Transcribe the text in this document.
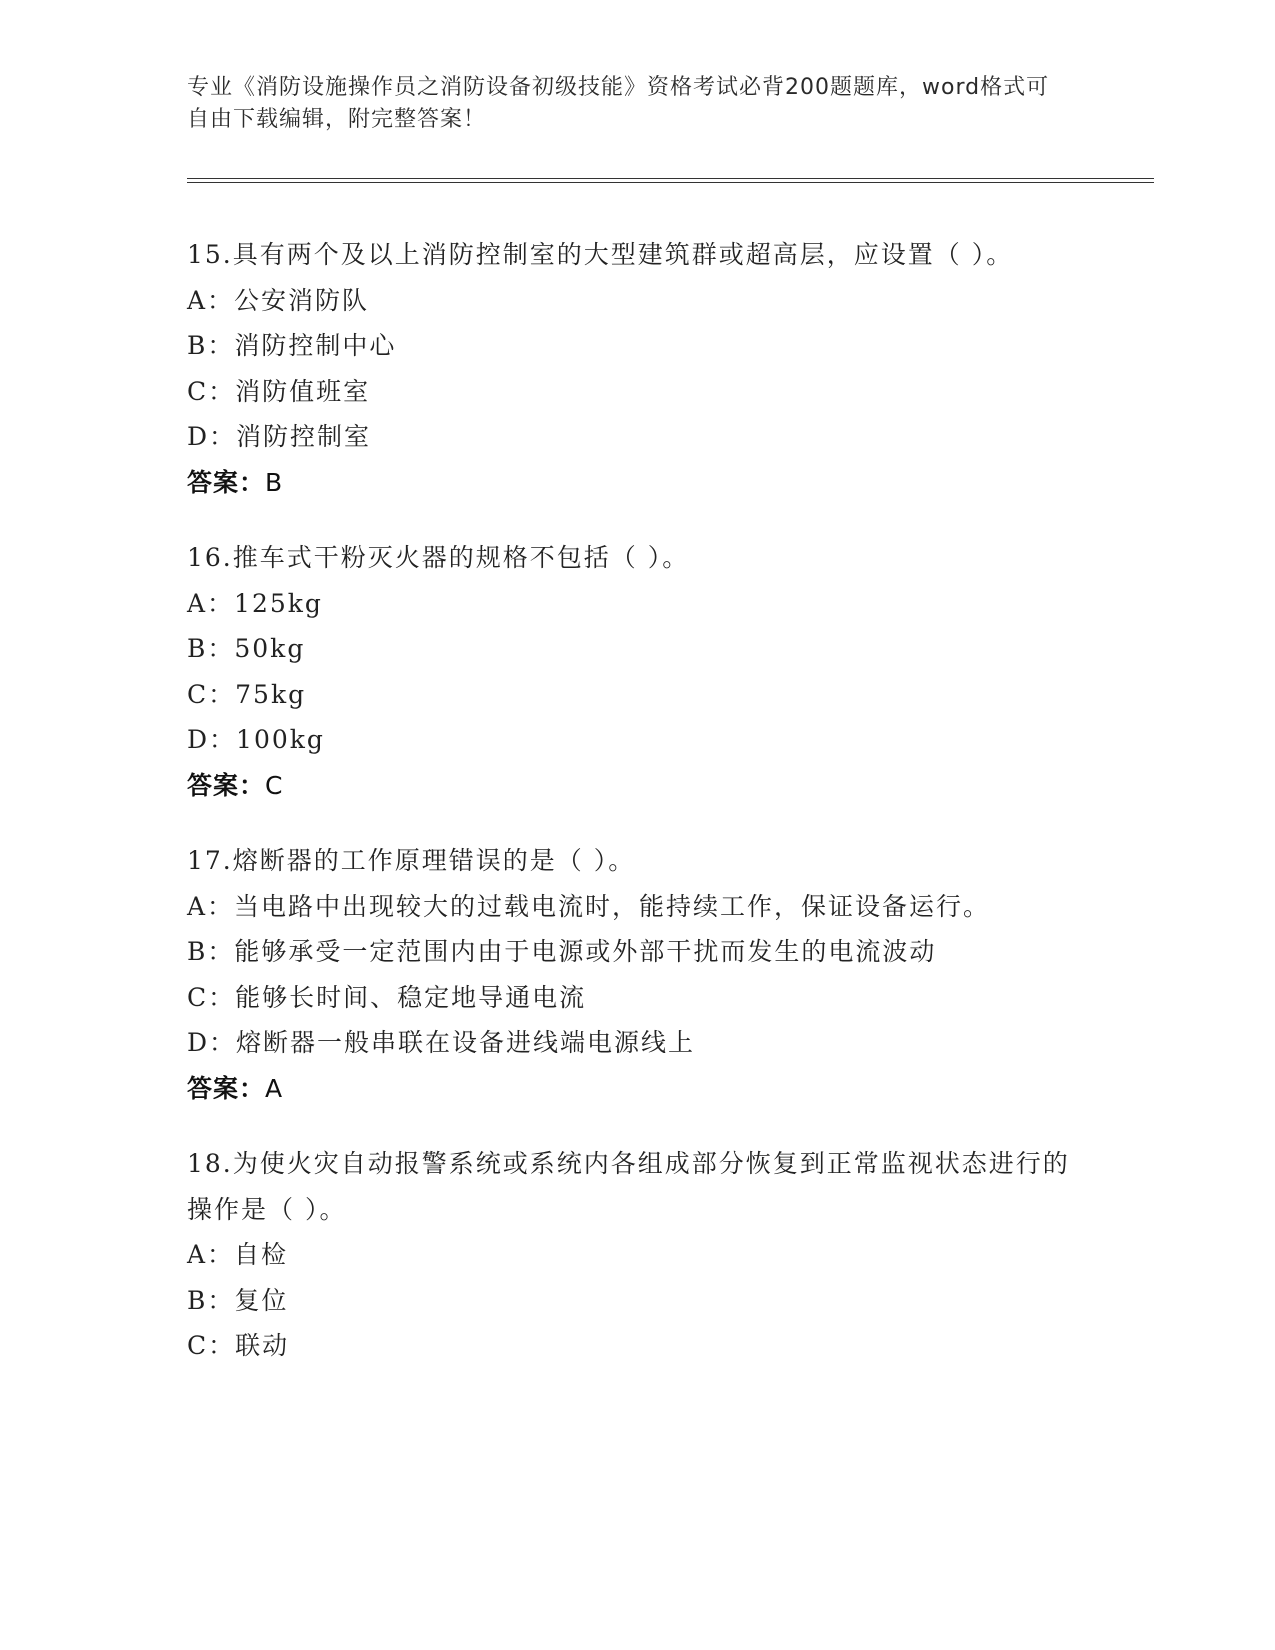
专业《消防设施操作员之消防设备初级技能》资格考试必背200题题库，word格式可自由下载编辑，附完整答案！
15.具有两个及以上消防控制室的大型建筑群或超高层，应设置（ ）。
A：公安消防队
B：消防控制中心
C：消防值班室
D：消防控制室
答案：B
16.推车式干粉灭火器的规格不包括（ ）。
A：125kg
B：50kg
C：75kg
D：100kg
答案：C
17.熔断器的工作原理错误的是（ ）。
A：当电路中出现较大的过载电流时，能持续工作，保证设备运行。
B：能够承受一定范围内由于电源或外部干扰而发生的电流波动
C：能够长时间、稳定地导通电流
D：熔断器一般串联在设备进线端电源线上
答案：A
18.为使火灾自动报警系统或系统内各组成部分恢复到正常监视状态进行的操作是（ ）。
A：自检
B：复位
C：联动
